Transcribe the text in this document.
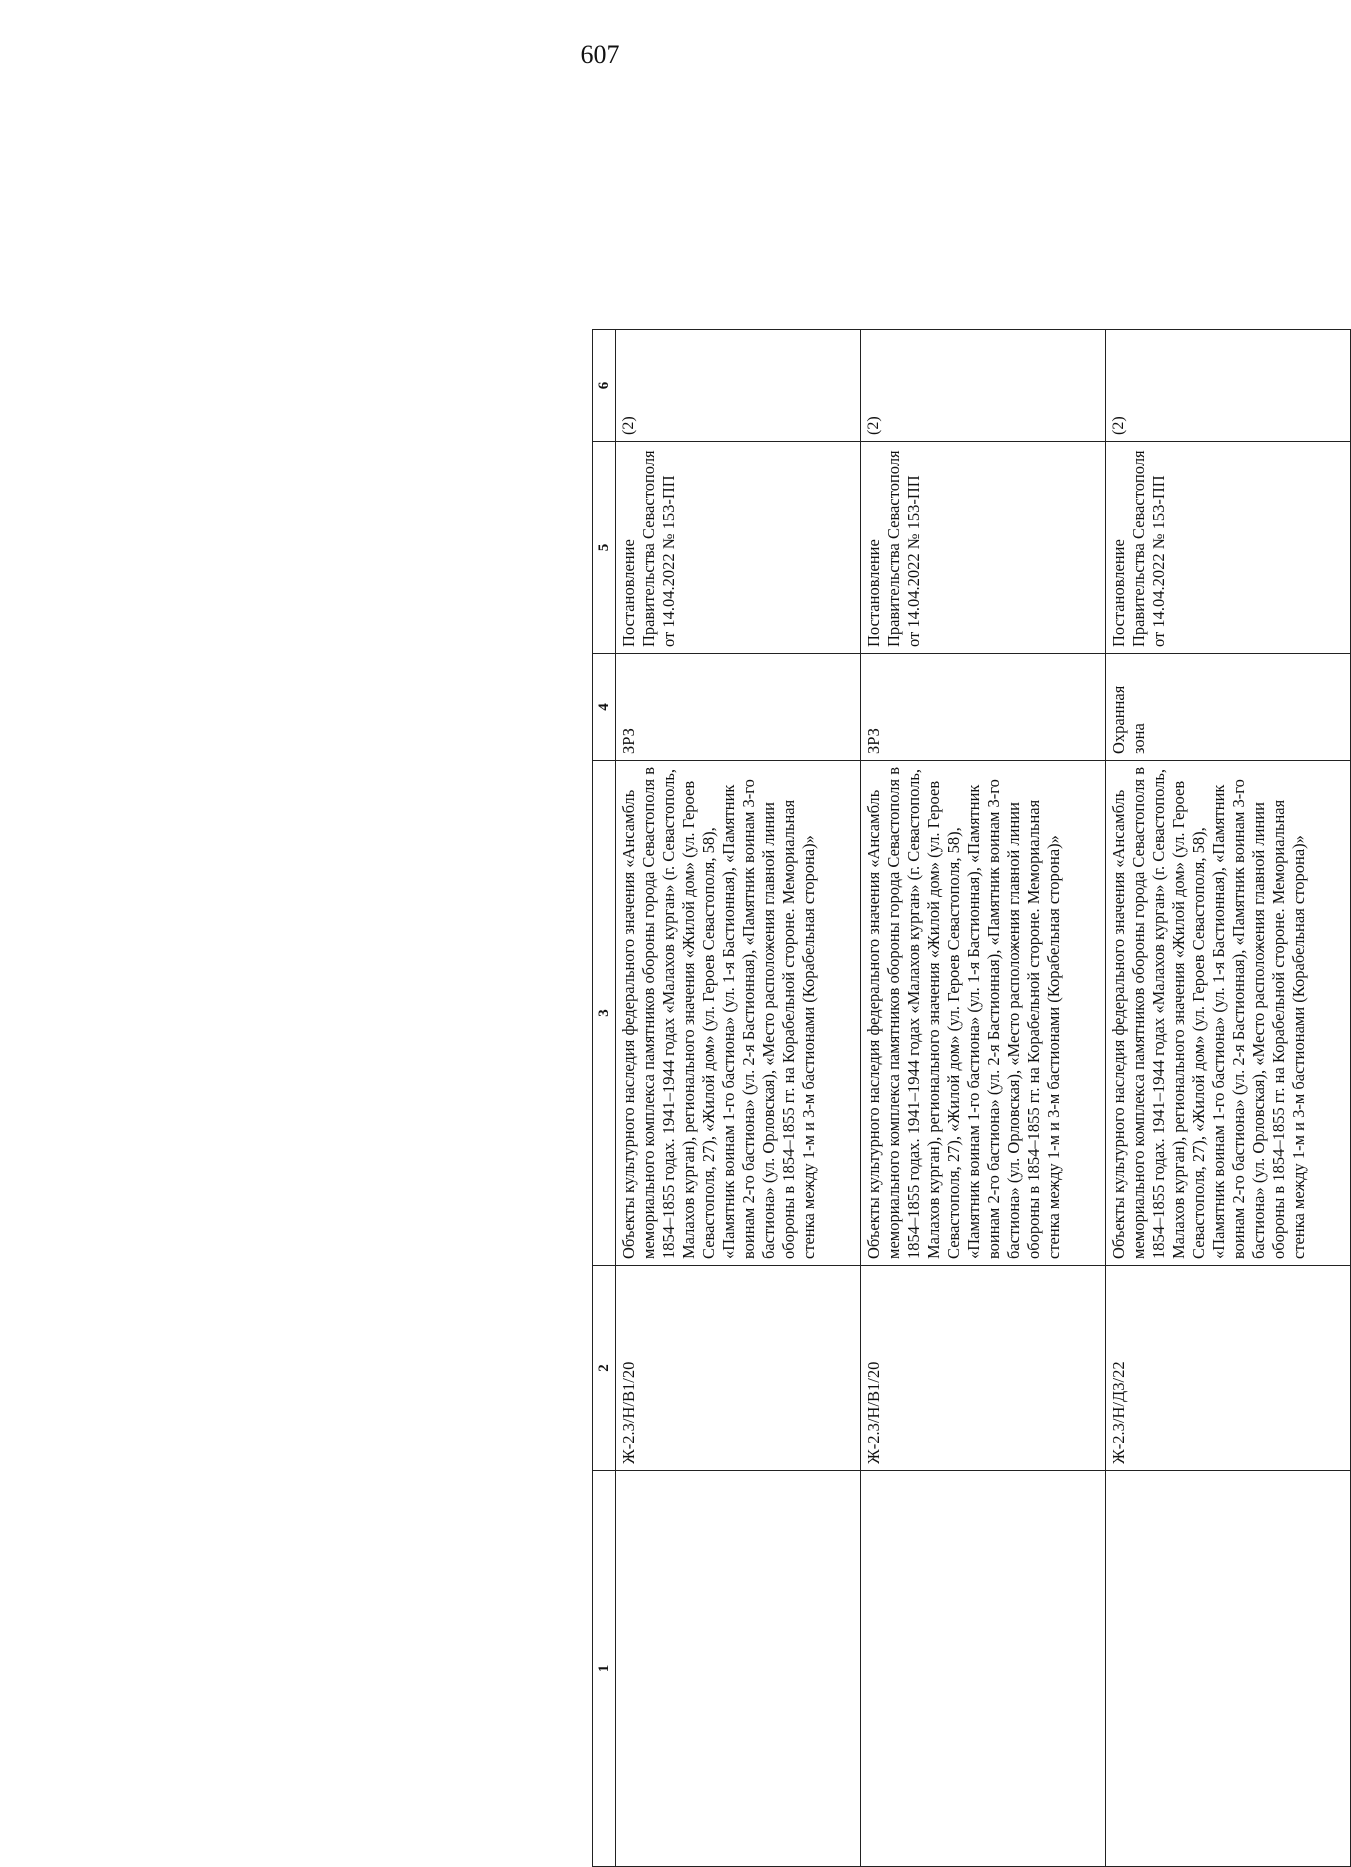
607
1	2	3	4	5	6
	Ж-2.3/Н/В1/20	Объекты культурного наследия федерального значения «Ансамбль мемориального комплекса памятников обороны города Севастополя в 1854–1855 годах. 1941–1944 годах «Малахов курган» (г. Севастополь, Малахов курган), регионального значения «Жилой дом» (ул. Героев Севастополя, 27), «Жилой дом» (ул. Героев Севастополя, 58), «Памятник воинам 1-го бастиона» (ул. 1-я Бастионная), «Памятник воинам 2-го бастиона» (ул. 2-я Бастионная), «Памятник воинам 3-го бастиона» (ул. Орловская), «Место расположения главной линии обороны в 1854–1855 гг. на Корабельной стороне. Мемориальная стенка между 1-м и 3-м бастионами (Корабельная сторона)»	ЗРЗ	Постановление Правительства Севастополя от 14.04.2022 № 153-ПП	(2)
	Ж-2.3/Н/В1/20	Объекты культурного наследия федерального значения «Ансамбль мемориального комплекса памятников обороны города Севастополя в 1854–1855 годах. 1941–1944 годах «Малахов курган» (г. Севастополь, Малахов курган), регионального значения «Жилой дом» (ул. Героев Севастополя, 27), «Жилой дом» (ул. Героев Севастополя, 58), «Памятник воинам 1-го бастиона» (ул. 1-я Бастионная), «Памятник воинам 2-го бастиона» (ул. 2-я Бастионная), «Памятник воинам 3-го бастиона» (ул. Орловская), «Место расположения главной линии обороны в 1854–1855 гг. на Корабельной стороне. Мемориальная стенка между 1-м и 3-м бастионами (Корабельная сторона)»	ЗРЗ	Постановление Правительства Севастополя от 14.04.2022 № 153-ПП	(2)
	Ж-2.3/Н/Д3/22	Объекты культурного наследия федерального значения «Ансамбль мемориального комплекса памятников обороны города Севастополя в 1854–1855 годах. 1941–1944 годах «Малахов курган» (г. Севастополь, Малахов курган), регионального значения «Жилой дом» (ул. Героев Севастополя, 27), «Жилой дом» (ул. Героев Севастополя, 58), «Памятник воинам 1-го бастиона» (ул. 1-я Бастионная), «Памятник воинам 2-го бастиона» (ул. 2-я Бастионная), «Памятник воинам 3-го бастиона» (ул. Орловская), «Место расположения главной линии обороны в 1854–1855 гг. на Корабельной стороне. Мемориальная стенка между 1-м и 3-м бастионами (Корабельная сторона)»	Охранная зона	Постановление Правительства Севастополя от 14.04.2022 № 153-ПП	(2)
